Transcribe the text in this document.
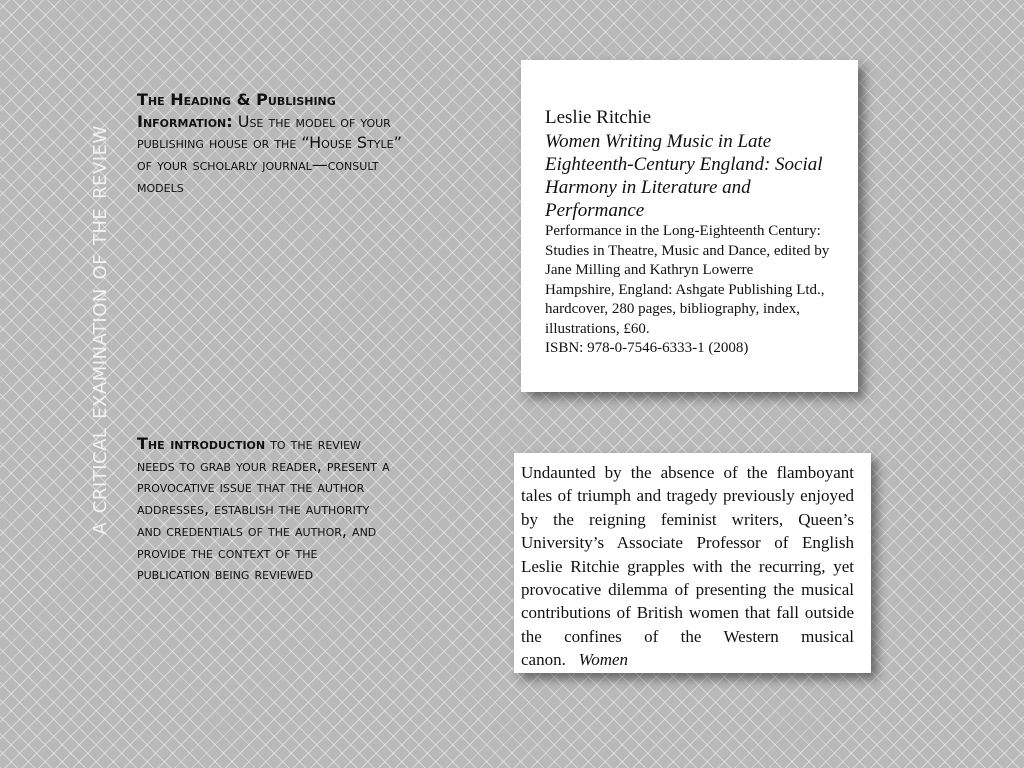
a critical examination of the review
The Heading & Publishing Information: Use the model of your publishing house or the “House Style” of your scholarly journal—consult models
The introduction to the review needs to grab your reader, present a provocative issue that the author addresses, establish the authority and credentials of the author, and provide the context of the publication being reviewed
Leslie Ritchie
Women Writing Music in Late Eighteenth-Century England: Social Harmony in Literature and Performance
Performance in the Long-Eighteenth Century: Studies in Theatre, Music and Dance, edited by Jane Milling and Kathryn Lowerre
Hampshire, England: Ashgate Publishing Ltd., hardcover, 280 pages, bibliography, index, illustrations, £60.
ISBN: 978-0-7546-6333-1 (2008)
Undaunted by the absence of the flamboyant tales of triumph and tragedy previously enjoyed by the reigning feminist writers, Queen’s University’s Associate Professor of English Leslie Ritchie grapples with the recurring, yet provocative dilemma of presenting the musical contributions of British women that fall outside the confines of the Western musical canon. Women
